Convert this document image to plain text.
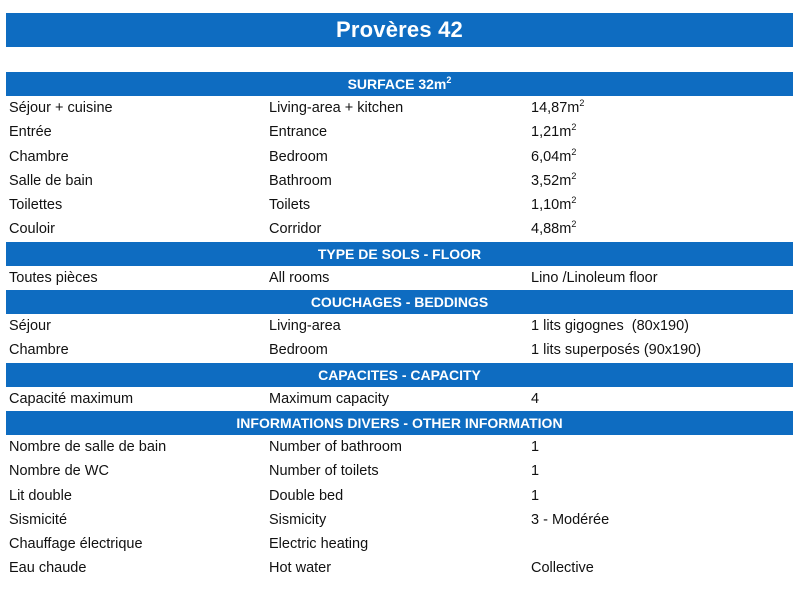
Provères 42
SURFACE $32m^2$
Séjour + cuisine	Living-area + kitchen	$14,87m^2$
Entrée	Entrance	$1,21m^2$
Chambre	Bedroom	$6,04m^2$
Salle de bain	Bathroom	$3,52m^2$
Toilettes	Toilets	$1,10m^2$
Couloir	Corridor	$4,88m^2$
TYPE DE SOLS - FLOOR
Toutes pièces	All rooms	Lino /Linoleum floor
COUCHAGES - BEDDINGS
Séjour	Living-area	1 lits gigognes  (80x190)
Chambre	Bedroom	1 lits superposés (90x190)
CAPACITES - CAPACITY
Capacité maximum	Maximum capacity	4
INFORMATIONS DIVERS - OTHER INFORMATION
Nombre de salle de bain	Number of bathroom	1
Nombre de WC	Number of toilets	1
Lit double	Double bed	1
Sismicité	Sismicity	3 - Modérée
Chauffage électrique	Electric heating
Eau chaude	Hot water	Collective
